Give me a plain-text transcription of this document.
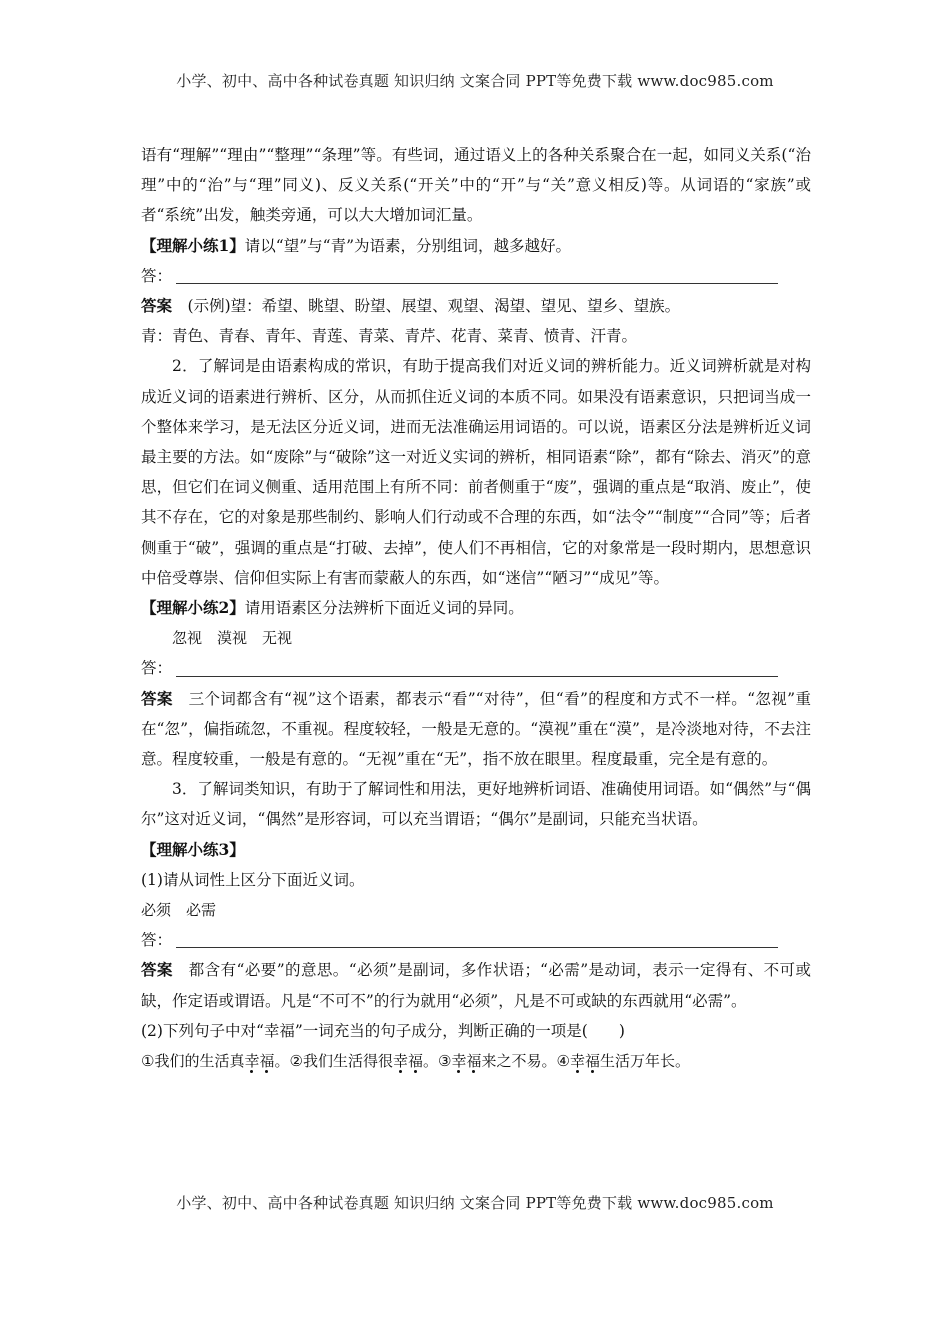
小学、初中、高中各种试卷真题 知识归纳 文案合同 PPT等免费下载 www.doc985.com

语有“理解”“理由”“整理”“条理”等。有些词，通过语义上的各种关系聚合在一起，如同义关系(“治理”中的“治”与“理”同义)、反义关系(“开关”中的“开”与“关”意义相反)等。从词语的“家族”或者“系统”出发，触类旁通，可以大大增加词汇量。

【理解小练1】请以“望”与“青”为语素，分别组词，越多越好。

答：

答案　 (示例)望：希望、眺望、盼望、展望、观望、渴望、望见、望乡、望族。

青：青色、青春、青年、青莲、青菜、青芹、花青、菜青、愤青、汗青。

2．了解词是由语素构成的常识，有助于提高我们对近义词的辨析能力。近义词辨析就是对构成近义词的语素进行辨析、区分，从而抓住近义词的本质不同。如果没有语素意识，只把词当成一个整体来学习，是无法区分近义词，进而无法准确运用词语的。可以说，语素区分法是辨析近义词最主要的方法。如“废除”与“破除”这一对近义实词的辨析，相同语素“除”，都有“除去、消灭”的意思，但它们在词义侧重、适用范围上有所不同：前者侧重于“废”，强调的重点是“取消、废止”，使其不存在，它的对象是那些制约、影响人们行动或不合理的东西，如“法令”“制度”“合同”等；后者侧重于“破”，强调的重点是“打破、去掉”，使人们不再相信，它的对象常是一段时期内，思想意识中倍受尊崇、信仰但实际上有害而蒙蔽人的东西，如“迷信”“陋习”“成见”等。

【理解小练2】请用语素区分法辨析下面近义词的异同。

忽视　漠视　无视

答：

答案　 三个词都含有“视”这个语素，都表示“看”“对待”，但“看”的程度和方式不一样。“忽视”重在“忽”，偏指疏忽，不重视。程度较轻，一般是无意的。“漠视”重在“漠”，是冷淡地对待，不去注意。程度较重，一般是有意的。“无视”重在“无”，指不放在眼里。程度最重，完全是有意的。

3．了解词类知识，有助于了解词性和用法，更好地辨析词语、准确使用词语。如“偶然”与“偶尔”这对近义词，“偶然”是形容词，可以充当谓语；“偶尔”是副词，只能充当状语。

【理解小练3】

(1)请从词性上区分下面近义词。

必须　必需

答：

答案　 都含有“必要”的意思。“必须”是副词，多作状语；“必需”是动词，表示一定得有、不可或缺，作定语或谓语。凡是“不可不”的行为就用“必须”，凡是不可或缺的东西就用“必需”。

(2)下列句子中对“幸福”一词充当的句子成分，判断正确的一项是(　　)

①我们的生活真幸福。②我们生活得很幸福。③幸福来之不易。④幸福生活万年长。

小学、初中、高中各种试卷真题 知识归纳 文案合同 PPT等免费下载 www.doc985.com
